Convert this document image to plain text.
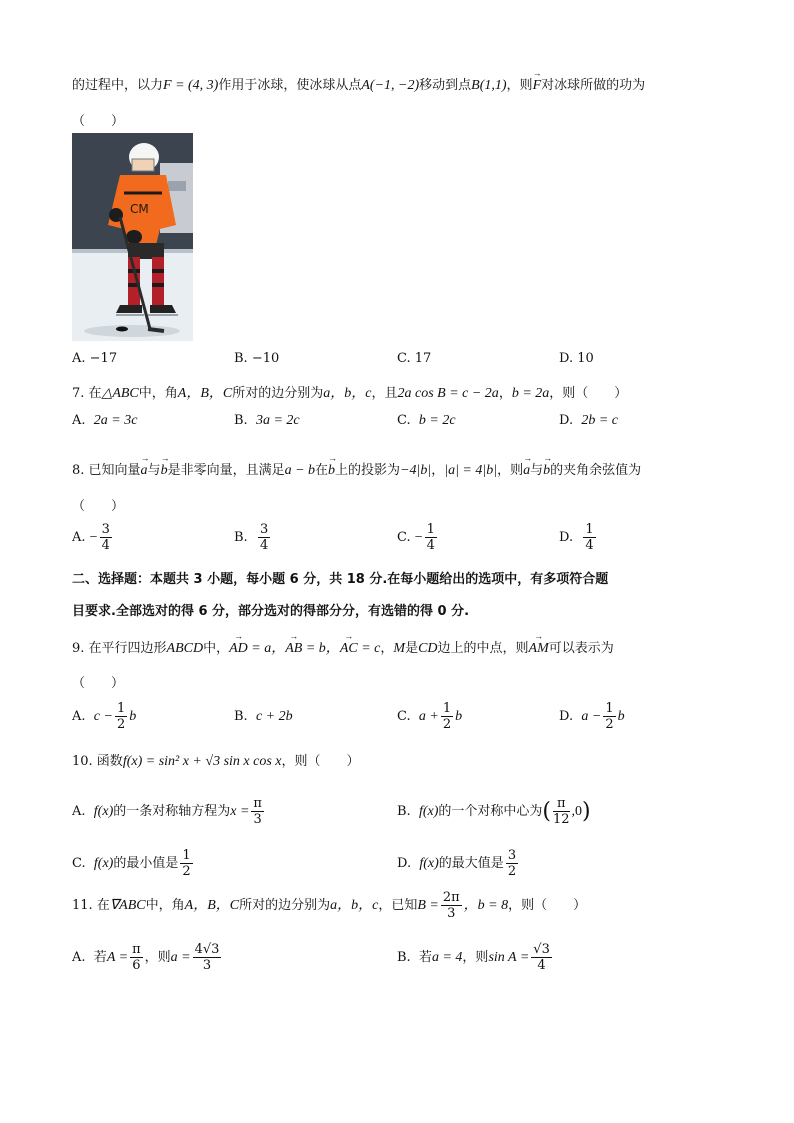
的过程中，以力F = (4, 3)作用于冰球，使冰球从点A(−1, −2)移动到点B(1,1)，则→ F对冰球所做的功为
（　　）
CM
A. −17	B. −10	C. 17	D. 10
7. 在△ABC中，角A，B，C所对的边分别为a，b，c，且2a cos B = c − 2a，b = 2a，则（　　）
A. 2a = 3c	B. 3a = 2c	C. b = 2c	D. 2b = c
8. 已知向量→ a与→ b是非零向量，且满足a − b在→ b上的投影为−4|b|，|a| = 4|b|，则→ a与→ b的夹角余弦值为
（　　）
A. − $\frac{3}{4}$	B. $\frac{3}{4}$	C. − $\frac{1}{4}$	D. $\frac{1}{4}$
二、选择题：本题共 3 小题，每小题 6 分，共 18 分.在每小题给出的选项中，有多项符合题
目要求.全部选对的得 6 分，部分选对的得部分分，有选错的得 0 分.
9. 在平行四边形ABCD中，→ AD = a，→ AB = b，→ AC = c，M是CD边上的中点，则→ AM可以表示为
（　　）
A. $c - \frac{1}{2}$ b	B. c + 2b	C. $a + \frac{1}{2}$ b	D. $a - \frac{1}{2}$ b
10. 函数f(x) = sin² x + √3 sin x cos x，则（　　）
A. f(x)的一条对称轴方程为$x = \frac{\pi}{3}$	B. f(x)的一个对称中心为( $\frac{\pi}{12} ,0$)
C. f(x)的最小值是 $\frac{1}{2}$	D. f(x)的最大值是 $\frac{3}{2}$
11. 在∇ABC中，角A，B，C所对的边分别为a，b，c，已知$B = \frac{2\pi}{3}$ ，b = 8，则（　　）
A. 若$A = \frac{\pi}{6}$ ，则$a = \frac{4√3}{3}$	B. 若a = 4，则$\sin A = \frac{√3}{4}$
